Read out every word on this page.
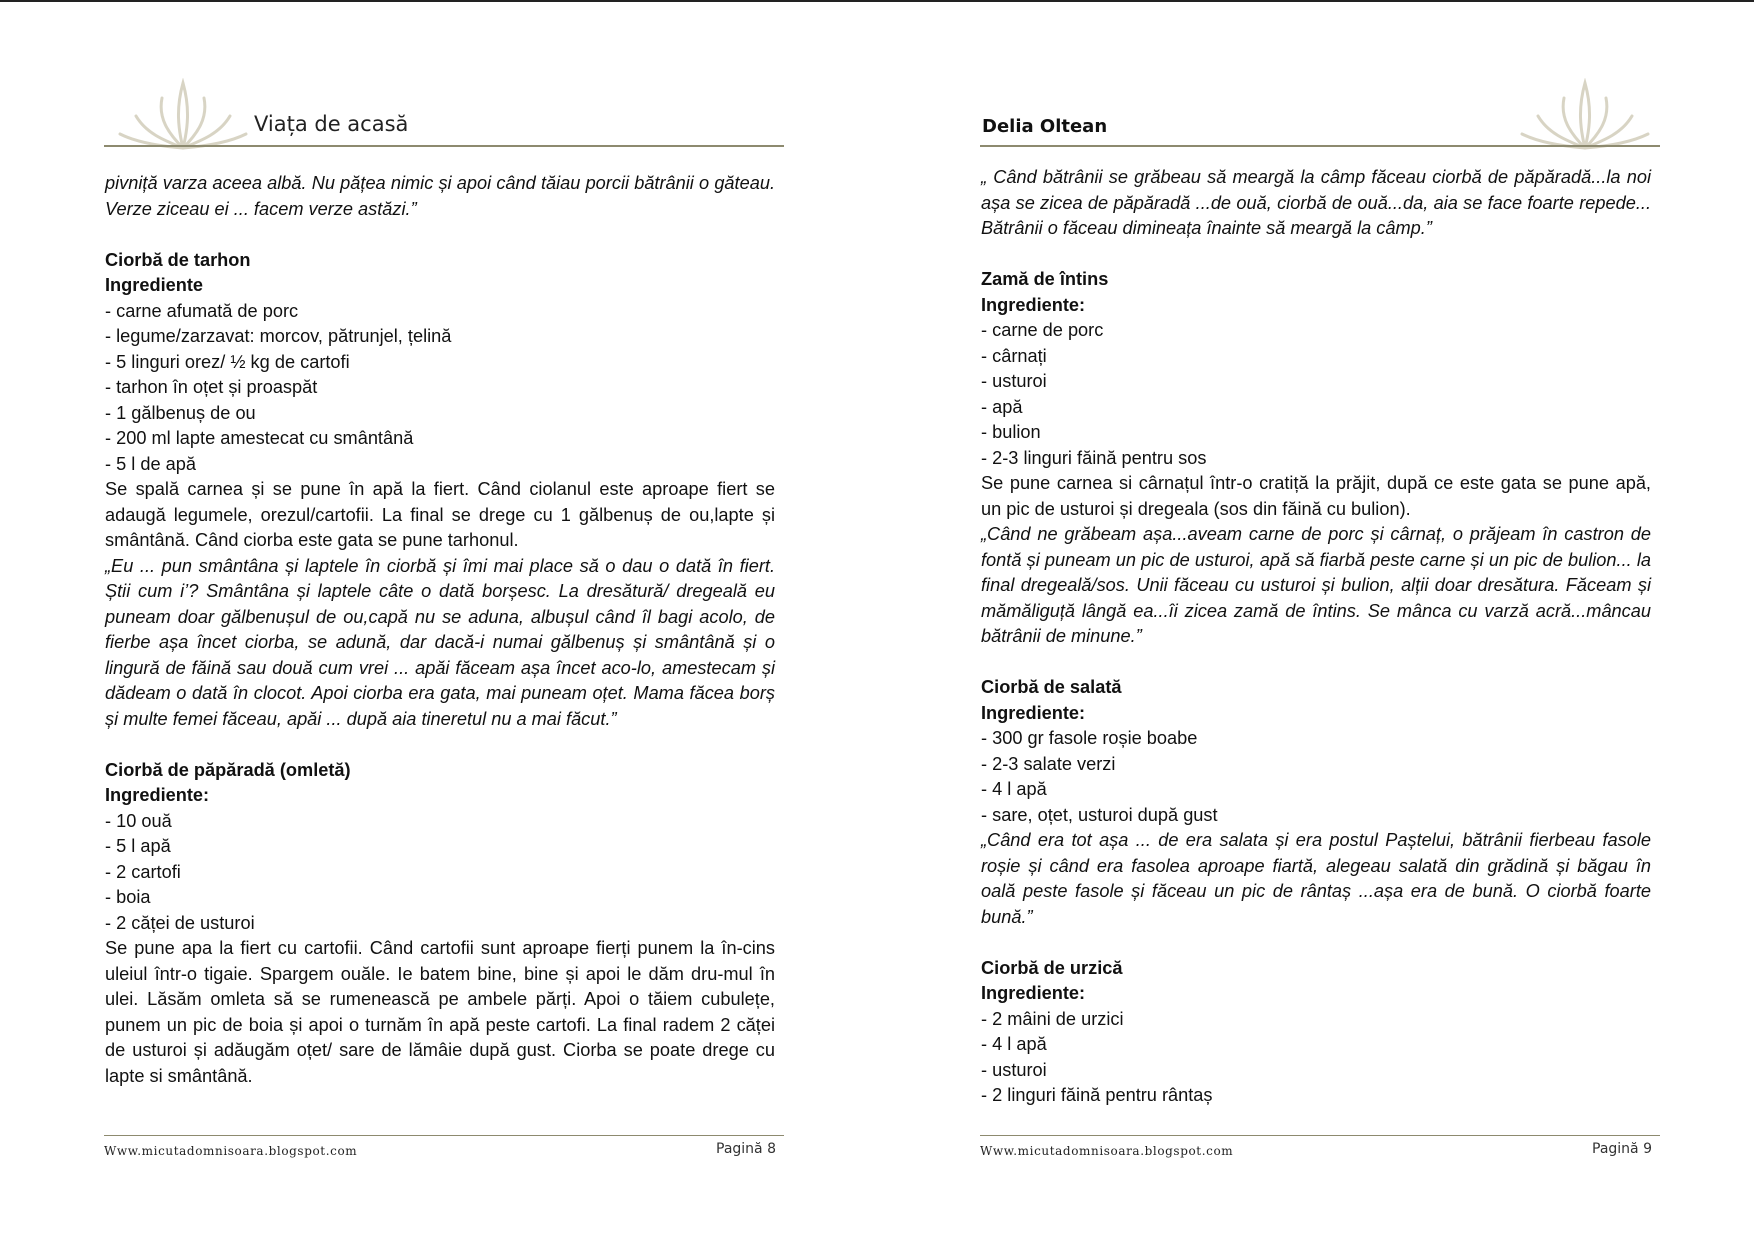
Viața de acasă

pivniță varza aceea albă. Nu pățea nimic și apoi când tăiau porcii bătrânii o găteau. Verze ziceau ei ... facem verze astăzi.”

Ciorbă de tarhon

Ingrediente

- carne afumată de porc

- legume/zarzavat: morcov, pătrunjel, țelină

- 5 linguri orez/ ½ kg de cartofi

- tarhon în oțet și proaspăt

- 1 gălbenuș de ou

- 200 ml lapte amestecat cu smântână

- 5 l de apă

Se spală carnea și se pune în apă la fiert. Când ciolanul este aproape fiert se adaugă legumele, orezul/cartofii. La final se drege cu 1 gălbenuș de ou,lapte și smântână. Când ciorba este gata se pune tarhonul.

„Eu ... pun smântâna și laptele în ciorbă și îmi mai place să o dau o dată în fiert. Știi cum i’? Smântâna și laptele câte o dată borșesc. La dresătură/ dregeală eu puneam doar gălbenușul de ou,capă nu se aduna, albușul când îl bagi acolo, de fierbe așa încet ciorba, se adună, dar dacă-i numai gălbenuș și smântână și o lingură de făină sau două cum vrei ... apăi făceam așa încet aco-lo, amestecam și dădeam o dată în clocot. Apoi ciorba era gata, mai puneam oțet. Mama făcea borș și multe femei făceau, apăi ... după aia tineretul nu a mai făcut.”

Ciorbă de păpăradă (omletă)

Ingrediente:

- 10 ouă

- 5 l apă

- 2 cartofi

- boia

- 2 căței de usturoi

Se pune apa la fiert cu cartofii. Când cartofii sunt aproape fierți punem la în-cins uleiul într-o tigaie. Spargem ouăle. Ie batem bine, bine și apoi le dăm dru-mul în ulei. Lăsăm omleta să se rumenească pe ambele părți. Apoi o tăiem cubulețe, punem un pic de boia și apoi o turnăm în apă peste cartofi. La final radem 2 căței de usturoi și adăugăm oțet/ sare de lămâie după gust. Ciorba se poate drege cu lapte si smântână.

Www.micutadomnisoara.blogspot.com	Pagină 8
Delia Oltean

„ Când bătrânii se grăbeau să meargă la câmp făceau ciorbă de păpăradă...la noi așa se zicea de păpăradă ...de ouă, ciorbă de ouă...da, aia se face foarte repede... Bătrânii o făceau dimineața înainte să meargă la câmp.”

Zamă de întins

Ingrediente:

- carne de porc

- cârnați

- usturoi

- apă

- bulion

- 2-3 linguri făină pentru sos

Se pune carnea si cârnațul într-o cratiță la prăjit, după ce este gata se pune apă, un pic de usturoi și dregeala (sos din făină cu bulion).

„Când ne grăbeam așa...aveam carne de porc și cârnaț, o prăjeam în castron de fontă și puneam un pic de usturoi, apă să fiarbă peste carne și un pic de bulion... la final dregeală/sos. Unii făceau cu usturoi și bulion, alții doar dresătura. Făceam și mămăliguță lângă ea...îi zicea zamă de întins. Se mânca cu varză acră...mâncau bătrânii de minune.”

Ciorbă de salată

Ingrediente:

- 300 gr fasole roșie boabe

- 2-3 salate verzi

- 4 l apă

- sare, oțet, usturoi după gust

„Când era tot așa ... de era salata și era postul Paștelui, bătrânii fierbeau fasole roșie și când era fasolea aproape fiartă, alegeau salată din grădină și băgau în oală peste fasole și făceau un pic de rântaș ...așa era de bună. O ciorbă foarte bună.”

Ciorbă de urzică

Ingrediente:

- 2 mâini de urzici

- 4 l apă

- usturoi

- 2 linguri făină pentru rântaș

Www.micutadomnisoara.blogspot.com	Pagină 9
